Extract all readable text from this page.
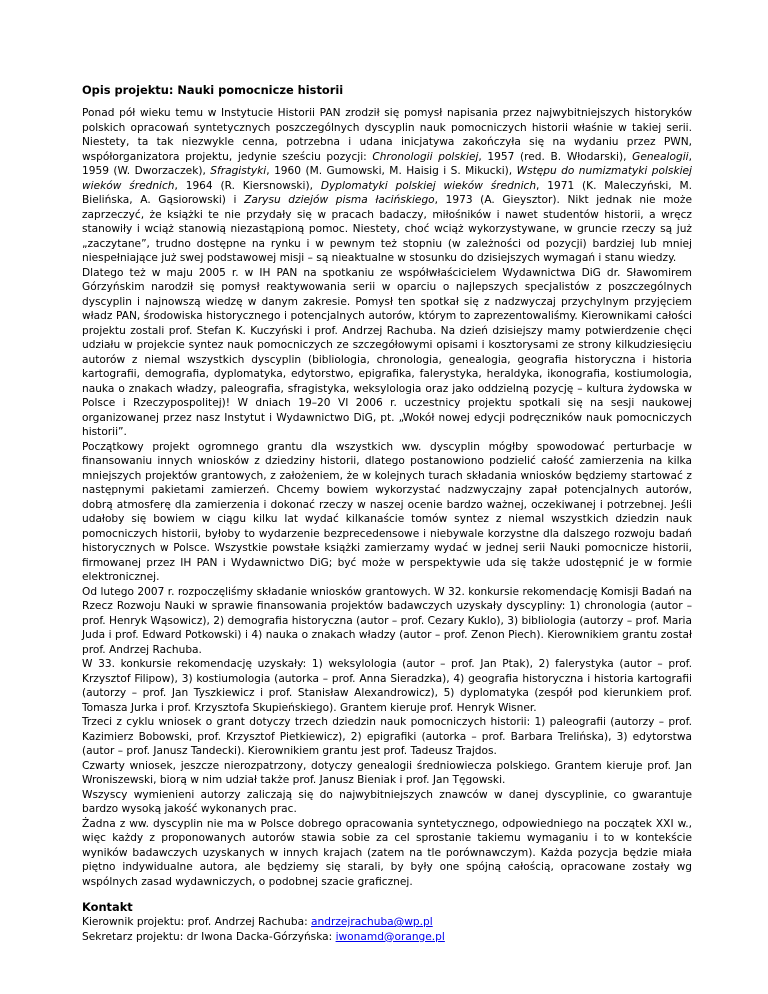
Opis projektu: Nauki pomocnicze historii

Ponad pół wieku temu w Instytucie Historii PAN zrodził się pomysł napisania przez najwybitniejszych historyków polskich opracowań syntetycznych poszczególnych dyscyplin nauk pomocniczych historii właśnie w takiej serii. Niestety, ta tak niezwykle cenna, potrzebna i udana inicjatywa zakończyła się na wydaniu przez PWN, współorganizatora projektu, jedynie sześciu pozycji: Chronologii polskiej, 1957 (red. B. Włodarski), Genealogii, 1959 (W. Dworzaczek), Sfragistyki, 1960 (M. Gumowski, M. Haisig i S. Mikucki), Wstępu do numizmatyki polskiej wieków średnich, 1964 (R. Kiersnowski), Dyplomatyki polskiej wieków średnich, 1971 (K. Maleczyński, M. Bielińska, A. Gąsiorowski) i Zarysu dziejów pisma łacińskiego, 1973 (A. Gieysztor). Nikt jednak nie może zaprzeczyć, że książki te nie przydały się w pracach badaczy, miłośników i nawet studentów historii, a wręcz stanowiły i wciąż stanowią niezastąpioną pomoc. Niestety, choć wciąż wykorzystywane, w gruncie rzeczy są już „zaczytane”, trudno dostępne na rynku i w pewnym też stopniu (w zależności od pozycji) bardziej lub mniej niespełniające już swej podstawowej misji – są nieaktualne w stosunku do dzisiejszych wymagań i stanu wiedzy.

Dlatego też w maju 2005 r. w IH PAN na spotkaniu ze współwłaścicielem Wydawnictwa DiG dr. Sławomirem Górzyńskim narodził się pomysł reaktywowania serii w oparciu o najlepszych specjalistów z poszczególnych dyscyplin i najnowszą wiedzę w danym zakresie. Pomysł ten spotkał się z nadzwyczaj przychylnym przyjęciem władz PAN, środowiska historycznego i potencjalnych autorów, którym to zaprezentowaliśmy. Kierownikami całości projektu zostali prof. Stefan K. Kuczyński i prof. Andrzej Rachuba. Na dzień dzisiejszy mamy potwierdzenie chęci udziału w projekcie syntez nauk pomocniczych ze szczegółowymi opisami i kosztorysami ze strony kilkudziesięciu autorów z niemal wszystkich dyscyplin (bibliologia, chronologia, genealogia, geografia historyczna i historia kartografii, demografia, dyplomatyka, edytorstwo, epigrafika, falerystyka, heraldyka, ikonografia, kostiumologia, nauka o znakach władzy, paleografia, sfragistyka, weksylologia oraz jako oddzielną pozycję – kultura żydowska w Polsce i Rzeczypospolitej)! W dniach 19–20 VI 2006 r. uczestnicy projektu spotkali się na sesji naukowej organizowanej przez nasz Instytut i Wydawnictwo DiG, pt. „Wokół nowej edycji podręczników nauk pomocniczych historii”.

Początkowy projekt ogromnego grantu dla wszystkich ww. dyscyplin mógłby spowodować perturbacje w finansowaniu innych wniosków z dziedziny historii, dlatego postanowiono podzielić całość zamierzenia na kilka mniejszych projektów grantowych, z założeniem, że w kolejnych turach składania wniosków będziemy startować z następnymi pakietami zamierzeń. Chcemy bowiem wykorzystać nadzwyczajny zapał potencjalnych autorów, dobrą atmosferę dla zamierzenia i dokonać rzeczy w naszej ocenie bardzo ważnej, oczekiwanej i potrzebnej. Jeśli udałoby się bowiem w ciągu kilku lat wydać kilkanaście tomów syntez z niemal wszystkich dziedzin nauk pomocniczych historii, byłoby to wydarzenie bezprecedensowe i niebywale korzystne dla dalszego rozwoju badań historycznych w Polsce. Wszystkie powstałe książki zamierzamy wydać w jednej serii Nauki pomocnicze historii, firmowanej przez IH PAN i Wydawnictwo DiG; być może w perspektywie uda się także udostępnić je w formie elektronicznej.

Od lutego 2007 r. rozpoczęliśmy składanie wniosków grantowych. W 32. konkursie rekomendację Komisji Badań na Rzecz Rozwoju Nauki w sprawie finansowania projektów badawczych uzyskały dyscypliny: 1) chronologia (autor – prof. Henryk Wąsowicz), 2) demografia historyczna (autor – prof. Cezary Kuklo), 3) bibliologia (autorzy – prof. Maria Juda i prof. Edward Potkowski) i 4) nauka o znakach władzy (autor – prof. Zenon Piech). Kierownikiem grantu został prof. Andrzej Rachuba.

W 33. konkursie rekomendację uzyskały: 1) weksylologia (autor – prof. Jan Ptak), 2) falerystyka (autor – prof. Krzysztof Filipow), 3) kostiumologia (autorka – prof. Anna Sieradzka), 4) geografia historyczna i historia kartografii (autorzy – prof. Jan Tyszkiewicz i prof. Stanisław Alexandrowicz), 5) dyplomatyka (zespół pod kierunkiem prof. Tomasza Jurka i prof. Krzysztofa Skupieńskiego). Grantem kieruje prof. Henryk Wisner.

Trzeci z cyklu wniosek o grant dotyczy trzech dziedzin nauk pomocniczych historii: 1) paleografii (autorzy – prof. Kazimierz Bobowski, prof. Krzysztof Pietkiewicz), 2) epigrafiki (autorka – prof. Barbara Trelińska), 3) edytorstwa (autor – prof. Janusz Tandecki). Kierownikiem grantu jest prof. Tadeusz Trajdos.

Czwarty wniosek, jeszcze nierozpatrzony, dotyczy genealogii średniowiecza polskiego. Grantem kieruje prof. Jan Wroniszewski, biorą w nim udział także prof. Janusz Bieniak i prof. Jan Tęgowski.

Wszyscy wymienieni autorzy zaliczają się do najwybitniejszych znawców w danej dyscyplinie, co gwarantuje bardzo wysoką jakość wykonanych prac.

Żadna z ww. dyscyplin nie ma w Polsce dobrego opracowania syntetycznego, odpowiedniego na początek XXI w., więc każdy z proponowanych autorów stawia sobie za cel sprostanie takiemu wymaganiu i to w kontekście wyników badawczych uzyskanych w innych krajach (zatem na tle porównawczym). Każda pozycja będzie miała piętno indywidualne autora, ale będziemy się starali, by były one spójną całością, opracowane zostały wg wspólnych zasad wydawniczych, o podobnej szacie graficznej.

Kontakt
Kierownik projektu: prof. Andrzej Rachuba: andrzejrachuba@wp.pl
Sekretarz projektu: dr Iwona Dacka-Górzyńska: iwonamd@orange.pl
